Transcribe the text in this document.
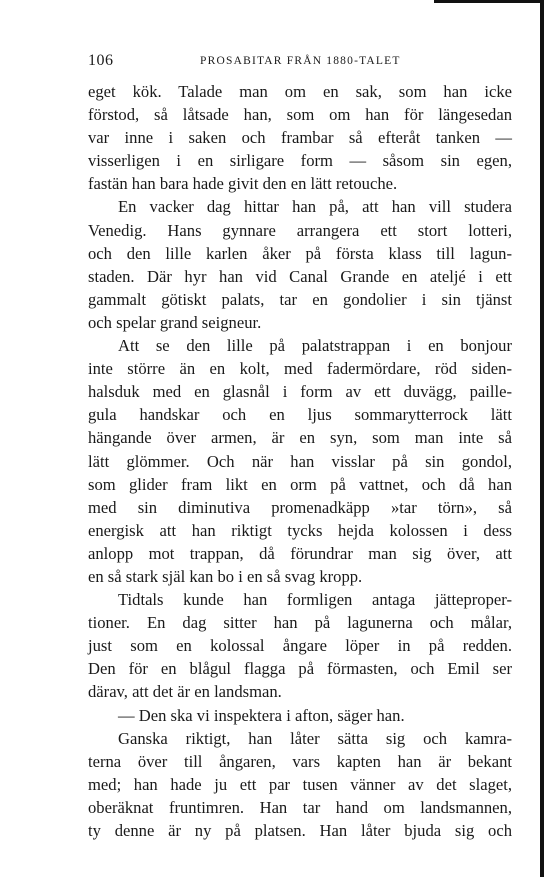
106	PROSABITAR FRÅN 1880-TALET
eget kök. Talade man om en sak, som han icke
förstod, så låtsade han, som om han för längesedan
var inne i saken och frambar så efteråt tanken —
visserligen i en sirligare form — såsom sin egen,
fastän han bara hade givit den en lätt retouche.
En vacker dag hittar han på, att han vill studera
Venedig. Hans gynnare arrangera ett stort lotteri,
och den lille karlen åker på första klass till lagun-
staden. Där hyr han vid Canal Grande en ateljé i ett
gammalt götiskt palats, tar en gondolier i sin tjänst
och spelar grand seigneur.
Att se den lille på palatstrappan i en bonjour
inte större än en kolt, med fadermördare, röd siden-
halsduk med en glasnål i form av ett duvägg, paille-
gula handskar och en ljus sommarytterrock lätt
hängande över armen, är en syn, som man inte så
lätt glömmer. Och när han visslar på sin gondol,
som glider fram likt en orm på vattnet, och då han
med sin diminutiva promenadkäpp »tar törn», så
energisk att han riktigt tycks hejda kolossen i dess
anlopp mot trappan, då förundrar man sig över, att
en så stark själ kan bo i en så svag kropp.
Tidtals kunde han formligen antaga jätteproper-
tioner. En dag sitter han på lagunerna och målar,
just som en kolossal ångare löper in på redden.
Den för en blågul flagga på förmasten, och Emil ser
därav, att det är en landsman.
— Den ska vi inspektera i afton, säger han.
Ganska riktigt, han låter sätta sig och kamra-
terna över till ångaren, vars kapten han är bekant
med; han hade ju ett par tusen vänner av det slaget,
oberäknat fruntimren. Han tar hand om landsmannen,
ty denne är ny på platsen. Han låter bjuda sig och
